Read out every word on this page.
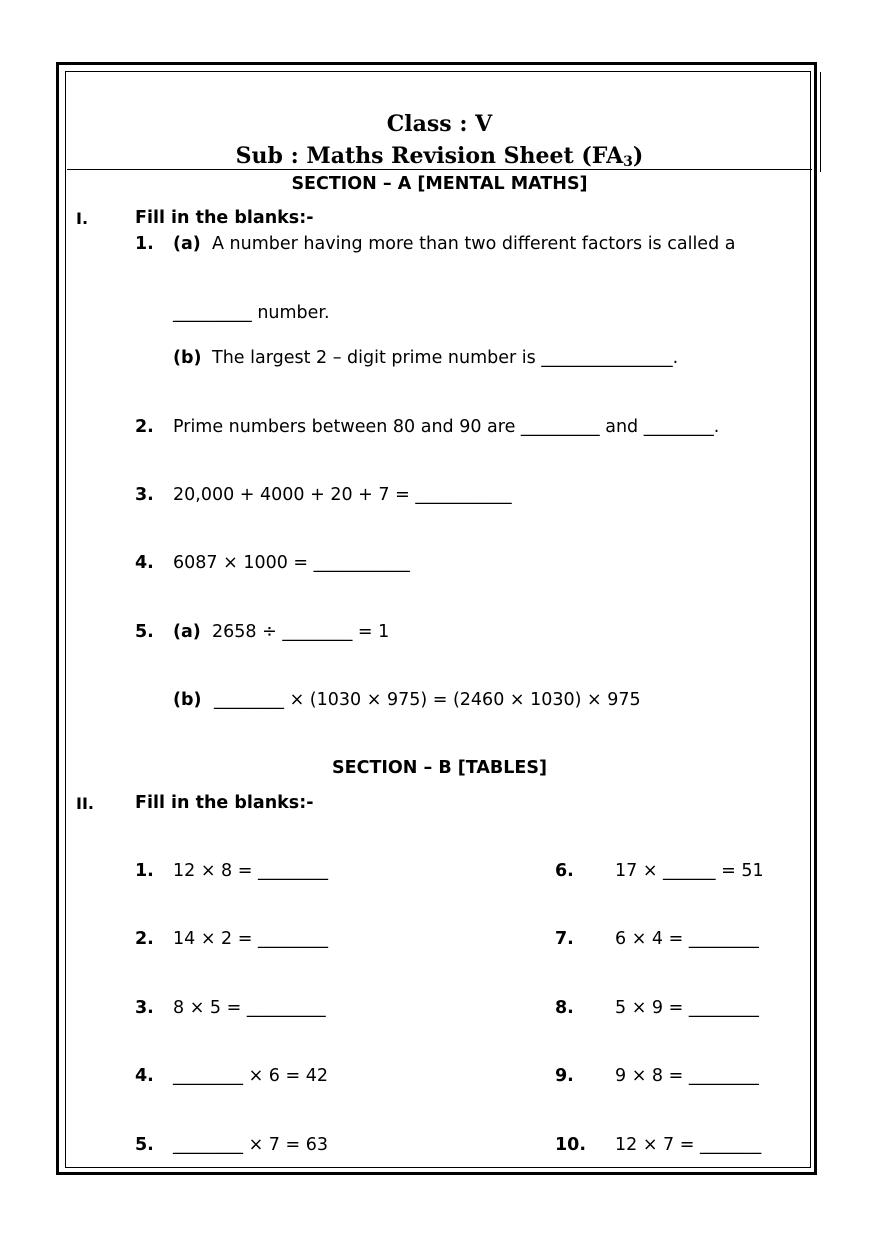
Class : V
Sub : Maths Revision Sheet $(FA_3)$
SECTION – A [MENTAL MATHS]
I.	Fill in the blanks:-
1. (a) A number having more than two different factors is called a
_________ number.
(b) The largest 2 – digit prime number is _______________.
2. Prime numbers between 80 and 90 are _________ and ________.
3. 20,000 + 4000 + 20 + 7 = ___________
4. 6087 × 1000 = ___________
5. (a) 2658 ÷ ________ = 1
(b) ________ × (1030 × 975) = (2460 × 1030) × 975
SECTION – B [TABLES]
II. Fill in the blanks:-
1. 12 × 8 = ________
2. 14 × 2 = ________
3. 8 × 5 = _________
4. ________ × 6 = 42
5. ________ × 7 = 63
6. 17 × ______ = 51
7. 6 × 4 = ________
8. 5 × 9 = ________
9. 9 × 8 = ________
10. 12 × 7 = _______
